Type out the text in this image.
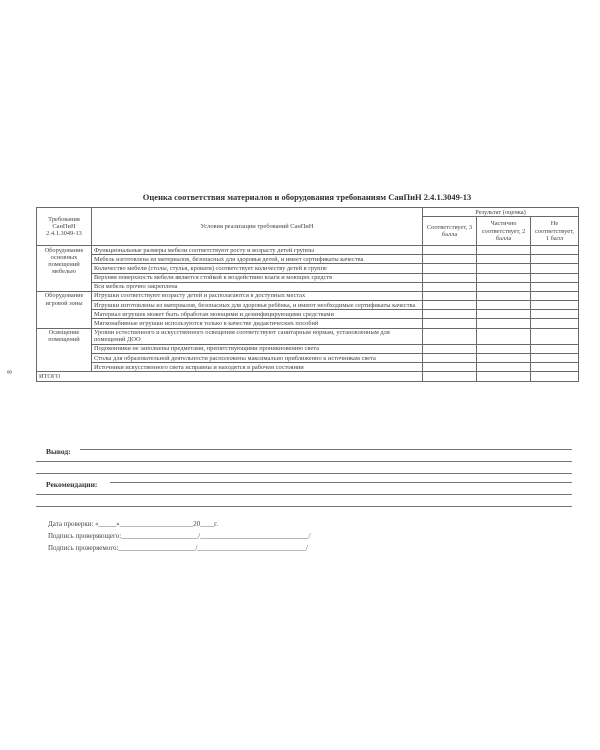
Оценка соответствия материалов и оборудования требованиям СанПиН 2.4.1.3049-13
8
Требования СанПиН 2.4.1.3049-13	Условия реализации требований СанПиН	Результат (оценка)		
		Соответствует, 3 балла	Частично соответствует, 2 балла	Не соответствует, 1 балл
Оборудование основных помещений мебелью	Функциональные размеры мебели соответствуют росту и возрасту детей группы			
	Мебель изготовлена из материалов, безопасных для здоровья детей, и имеет сертификаты качества			
	Количество мебели (столы, стулья, кровати) соответствует количеству детей в группе			
	Верхняя поверхность мебели является стойкой к воздействию влаги и моющих средств			
	Вся мебель прочно закреплена			
Оборудование игровой зоны	Игрушки соответствуют возрасту детей и располагаются в доступных местах			
	Игрушки изготовлены из материалов, безопасных для здоровья ребёнка, и имеют необходимые сертификаты качества			
	Материал игрушек может быть обработан моющими и дезинфицирующими средствами			
	Мягконабивные игрушки используются только в качестве дидактических пособий			
Освещение помещений	Уровни естественного и искусственного освещения соответствуют санитарным нормам, установленным для помещений ДОО			
	Подоконники не заполнены предметами, препятствующими проникновению света			
	Столы для образовательной деятельности расположены максимально приближенно к источникам света			
	Источники искусственного света исправны и находятся в рабочем состоянии			
ИТОГО				
Вывод:
Рекомендации:
Дата проверки: «_____»_____________________20____г.
Подпись проверяющего:______________________/_______________________________/
Подпись проверяемого:______________________/_______________________________/
